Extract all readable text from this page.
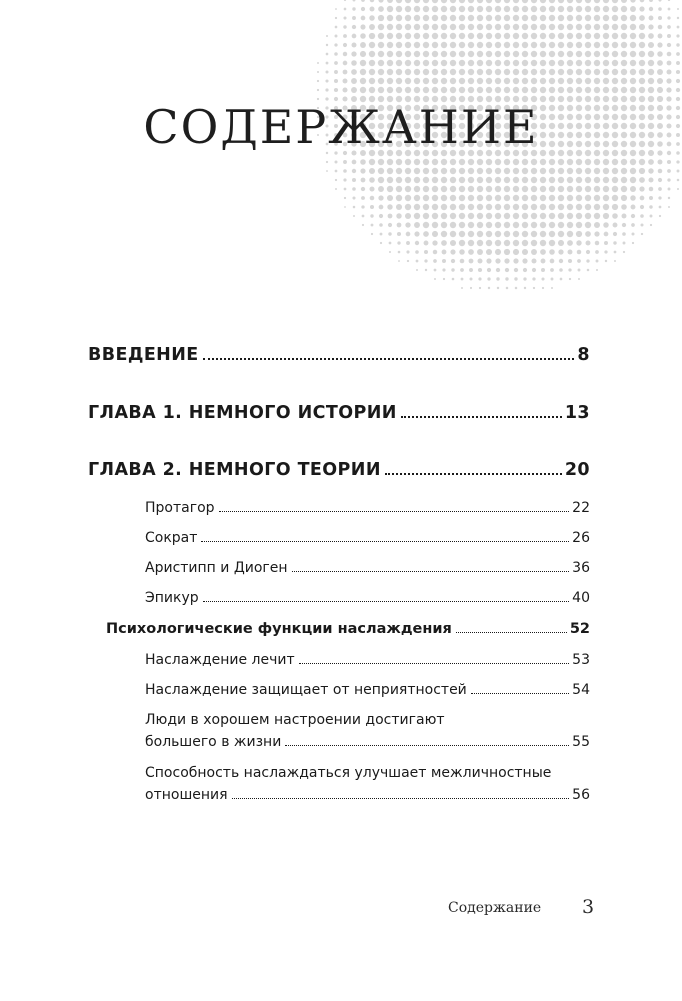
СОДЕРЖАНИЕ
ВВЕДЕНИЕ	8
ГЛАВА 1. НЕМНОГО ИСТОРИИ	13
ГЛАВА 2. НЕМНОГО ТЕОРИИ	20
Протагор	22
Сократ	26
Аристипп и Диоген	36
Эпикур	40
Психологические функции наслаждения	52
Наслаждение лечит	53
Наслаждение защищает от неприятностей	54
Люди в хорошем настроении достигают
большего в жизни	55
Способность наслаждаться улучшает межличностные
отношения	56
Содержание 3
